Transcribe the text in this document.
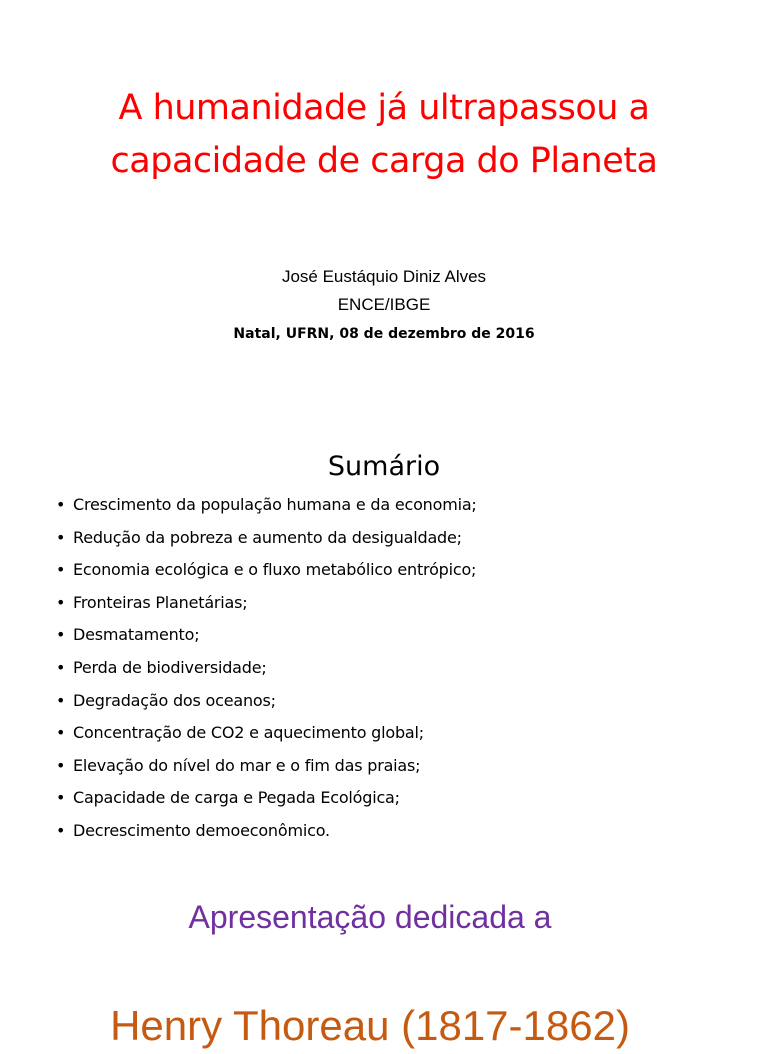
A humanidade já ultrapassou a capacidade de carga do Planeta
José Eustáquio Diniz Alves
ENCE/IBGE
Natal, UFRN, 08 de dezembro de 2016
Sumário
• Crescimento da população humana e da economia;
• Redução da pobreza e aumento da desigualdade;
• Economia ecológica e o fluxo metabólico entrópico;
• Fronteiras Planetárias;
• Desmatamento;
• Perda de biodiversidade;
• Degradação dos oceanos;
• Concentração de CO2 e aquecimento global;
• Elevação do nível do mar e o fim das praias;
• Capacidade de carga e Pegada Ecológica;
• Decrescimento demoeconômico.
Apresentação dedicada a
Henry Thoreau (1817-1862)
